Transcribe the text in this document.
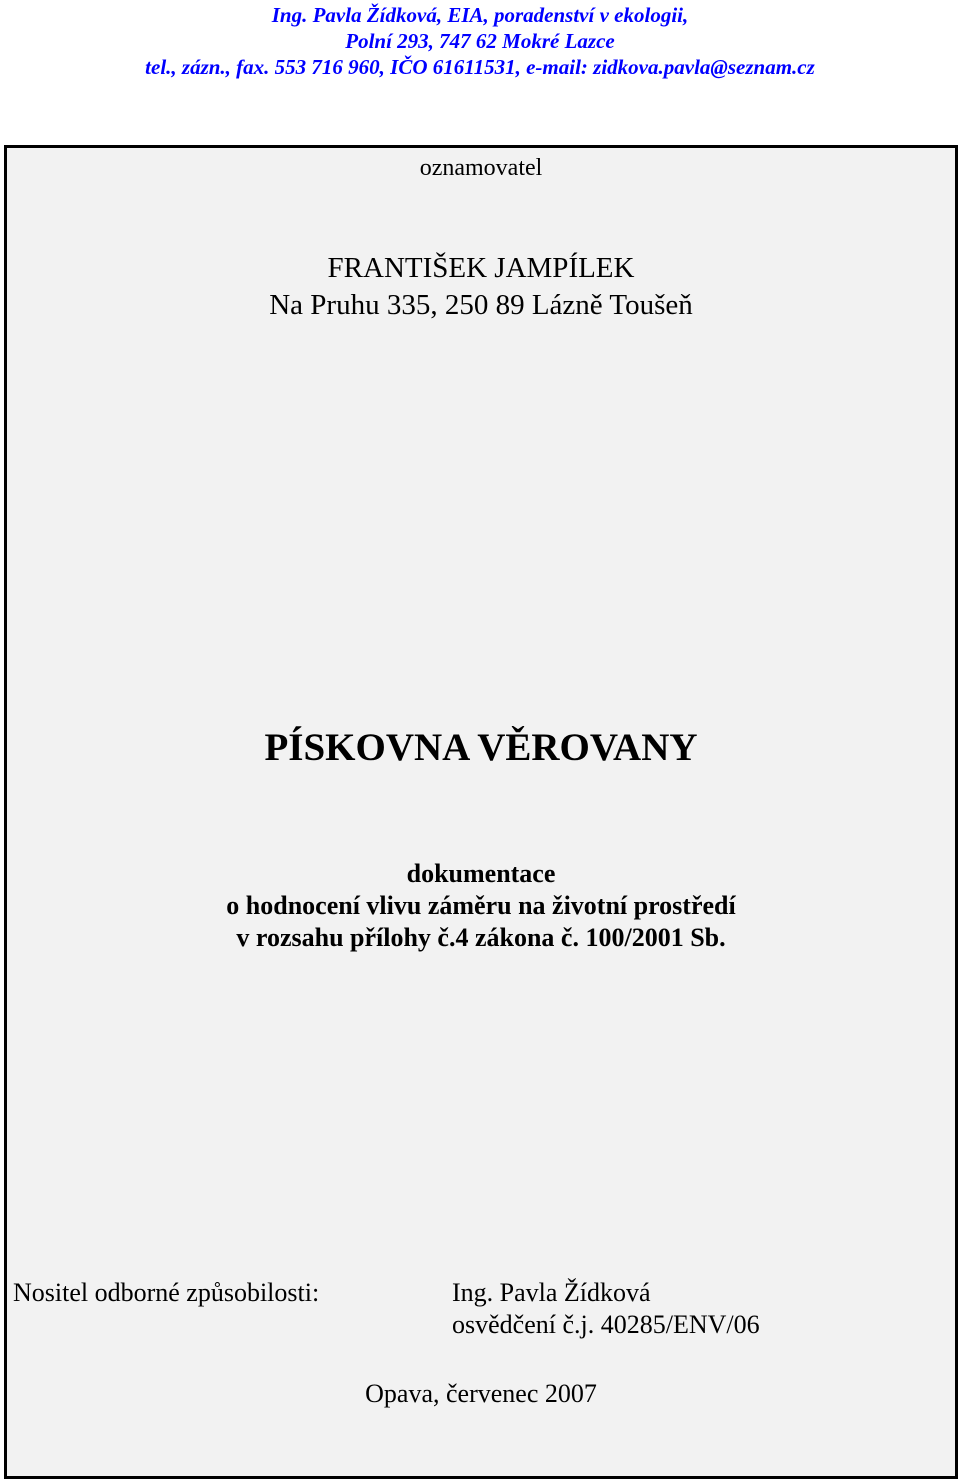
Ing. Pavla Žídková, EIA, poradenství v ekologii,
Polní 293, 747 62 Mokré Lazce
tel., zázn., fax. 553 716 960, IČO 61611531, e-mail: zidkova.pavla@seznam.cz
oznamovatel
FRANTIŠEK JAMPÍLEK
Na Pruhu 335, 250 89 Lázně Toušeň
PÍSKOVNA VĚROVANY
dokumentace
o hodnocení vlivu záměru na životní prostředí
v rozsahu přílohy č.4 zákona č. 100/2001 Sb.
Nositel odborné způsobilosti:	Ing. Pavla Žídková
osvědčení č.j. 40285/ENV/06
Opava, červenec 2007
